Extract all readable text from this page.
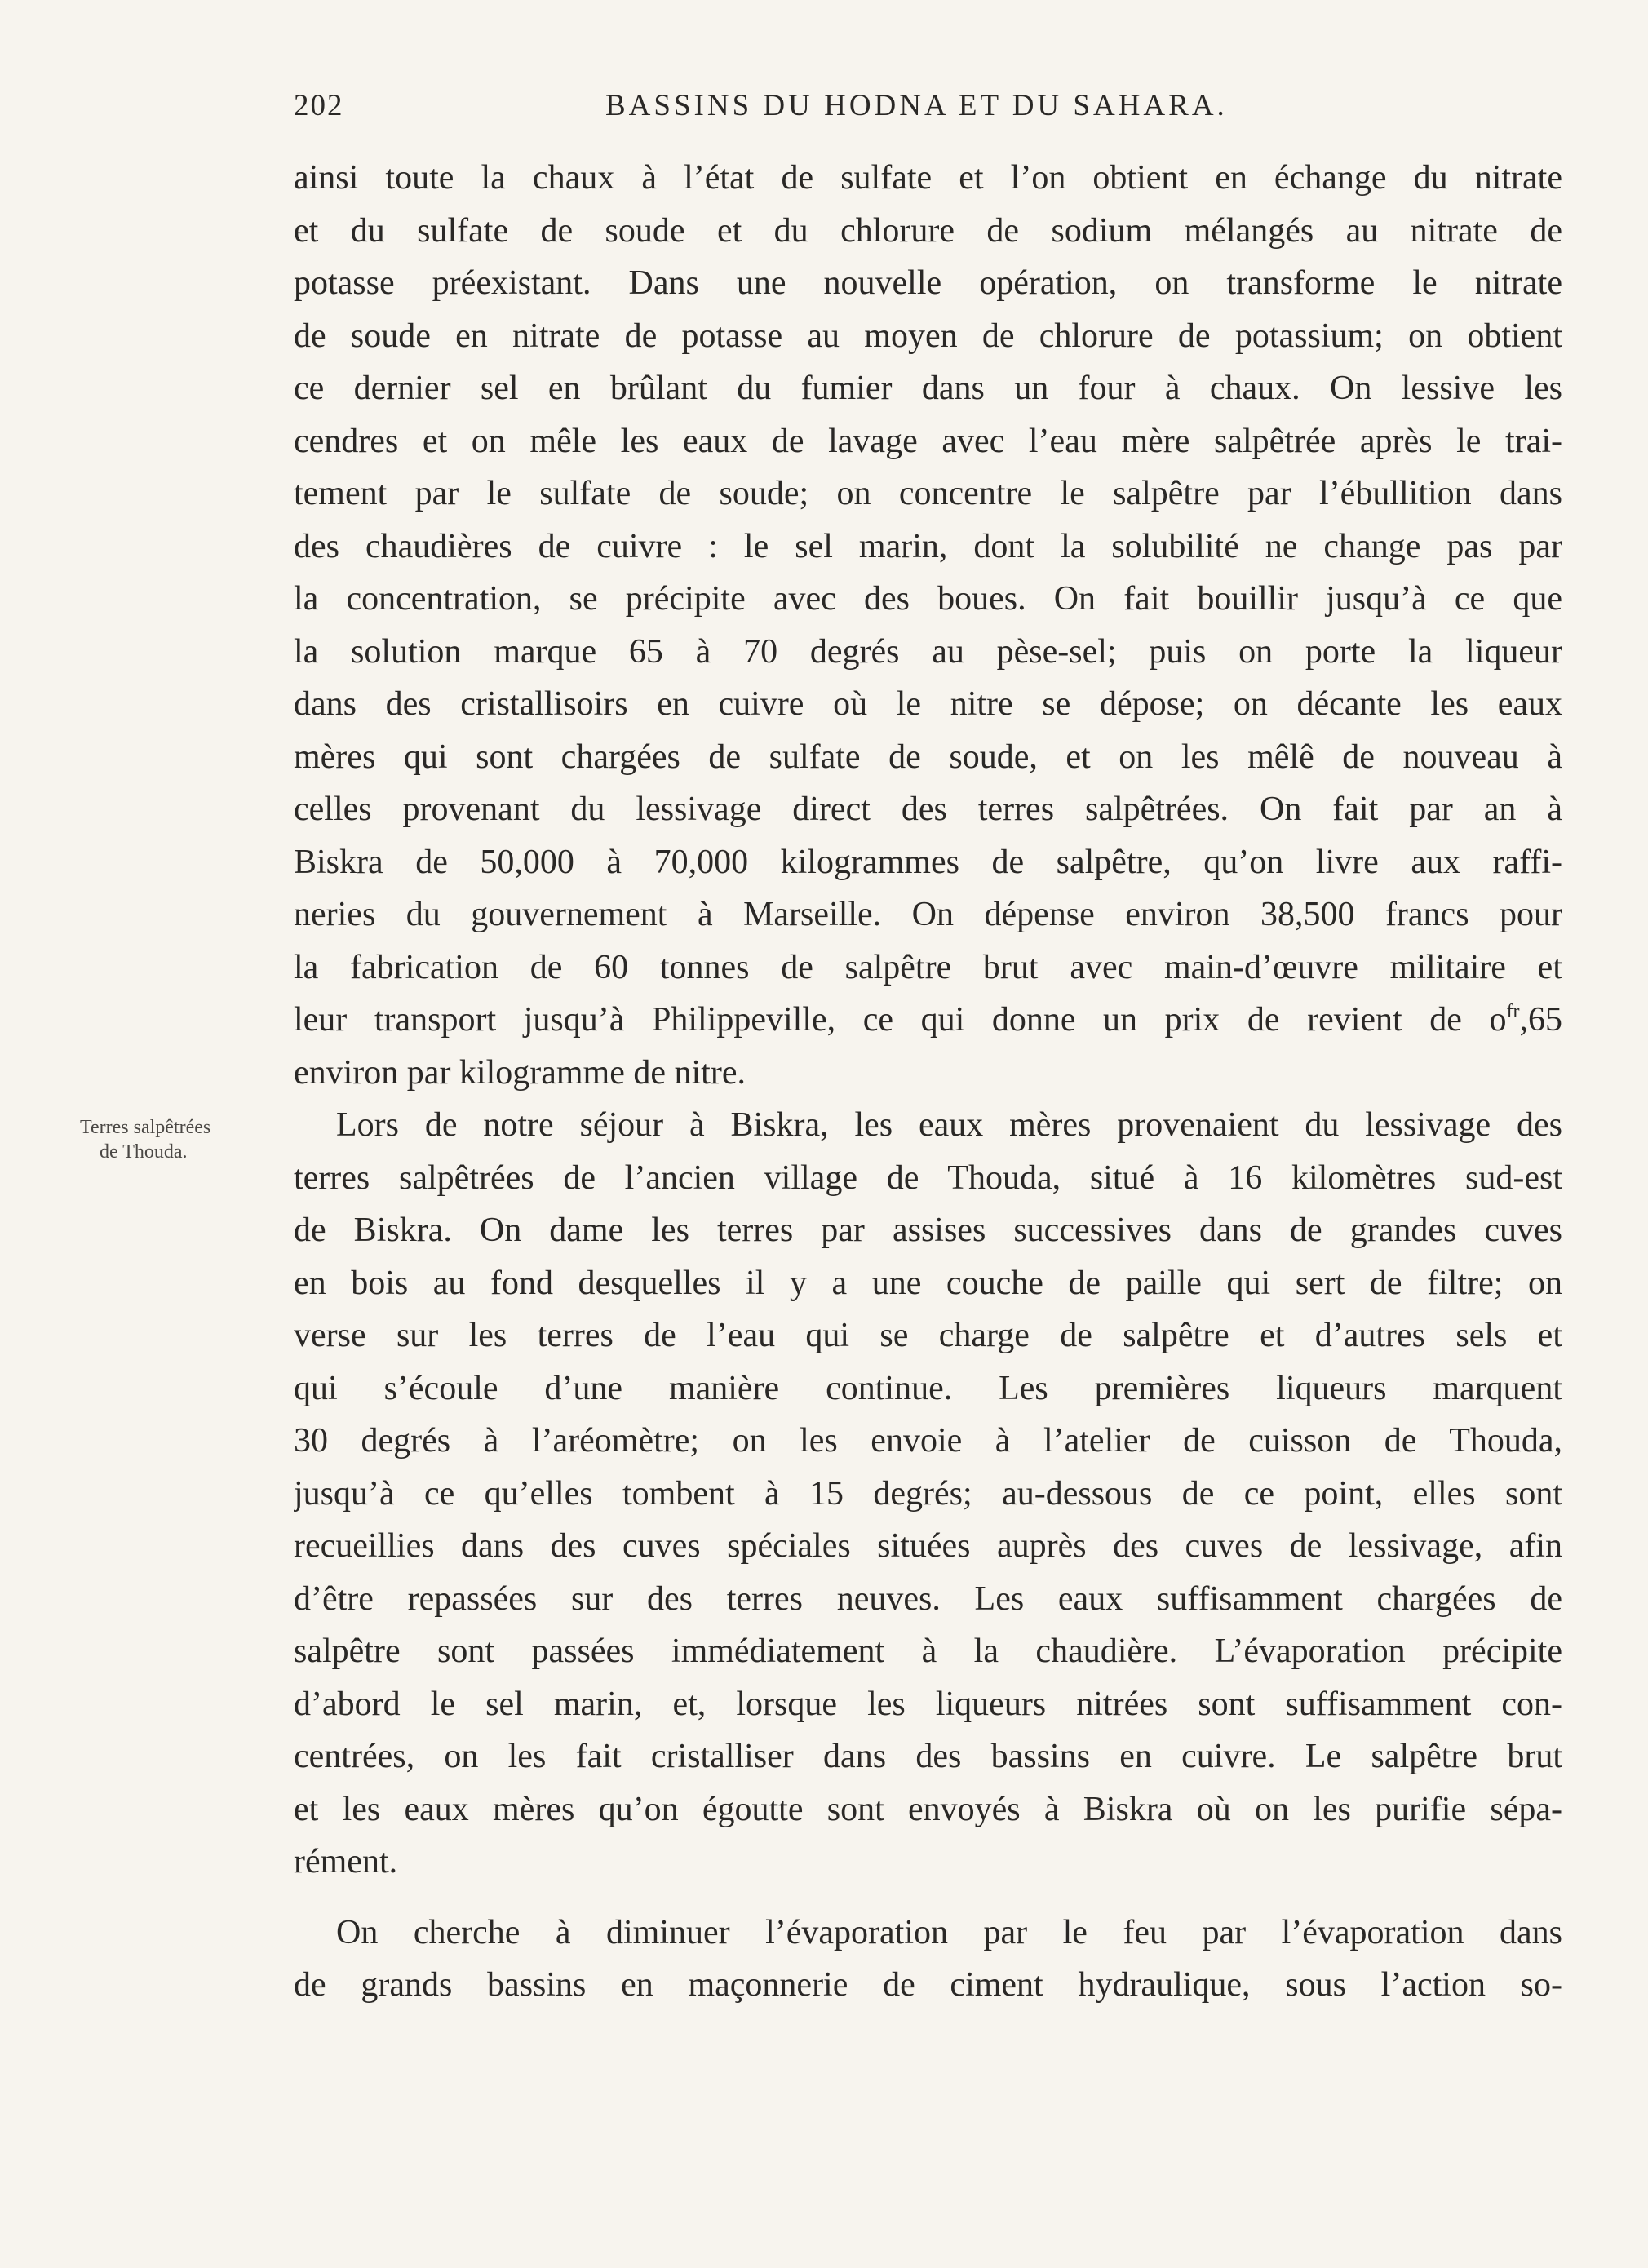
202	BASSINS DU HODNA ET DU SAHARA.
Terres salpêtrées
de Thouda.
ainsi toute la chaux à l’état de sulfate et l’on obtient en échange du nitrate
et du sulfate de soude et du chlorure de sodium mélangés au nitrate de
potasse préexistant. Dans une nouvelle opération, on transforme le nitrate
de soude en nitrate de potasse au moyen de chlorure de potassium; on obtient
ce dernier sel en brûlant du fumier dans un four à chaux. On lessive les
cendres et on mêle les eaux de lavage avec l’eau mère salpêtrée après le trai-
tement par le sulfate de soude; on concentre le salpêtre par l’ébullition dans
des chaudières de cuivre : le sel marin, dont la solubilité ne change pas par
la concentration, se précipite avec des boues. On fait bouillir jusqu’à ce que
la solution marque 65 à 70 degrés au pèse-sel; puis on porte la liqueur
dans des cristallisoirs en cuivre où le nitre se dépose; on décante les eaux
mères qui sont chargées de sulfate de soude, et on les mêlê de nouveau à
celles provenant du lessivage direct des terres salpêtrées. On fait par an à
Biskra de 50,000 à 70,000 kilogrammes de salpêtre, qu’on livre aux raffi-
neries du gouvernement à Marseille. On dépense environ 38,500 francs pour
la fabrication de 60 tonnes de salpêtre brut avec main-d’œuvre militaire et
leur transport jusqu’à Philippeville, ce qui donne un prix de revient de $o^{fr},65$
environ par kilogramme de nitre.
Lors de notre séjour à Biskra, les eaux mères provenaient du lessivage des
terres salpêtrées de l’ancien village de Thouda, situé à 16 kilomètres sud-est
de Biskra. On dame les terres par assises successives dans de grandes cuves
en bois au fond desquelles il y a une couche de paille qui sert de filtre; on
verse sur les terres de l’eau qui se charge de salpêtre et d’autres sels et
qui s’écoule d’une manière continue. Les premières liqueurs marquent
30 degrés à l’aréomètre; on les envoie à l’atelier de cuisson de Thouda,
jusqu’à ce qu’elles tombent à 15 degrés; au-dessous de ce point, elles sont
recueillies dans des cuves spéciales situées auprès des cuves de lessivage, afin
d’être repassées sur des terres neuves. Les eaux suffisamment chargées de
salpêtre sont passées immédiatement à la chaudière. L’évaporation précipite
d’abord le sel marin, et, lorsque les liqueurs nitrées sont suffisamment con-
centrées, on les fait cristalliser dans des bassins en cuivre. Le salpêtre brut
et les eaux mères qu’on égoutte sont envoyés à Biskra où on les purifie sépa-
rément.
On cherche à diminuer l’évaporation par le feu par l’évaporation dans
de grands bassins en maçonnerie de ciment hydraulique, sous l’action so-
